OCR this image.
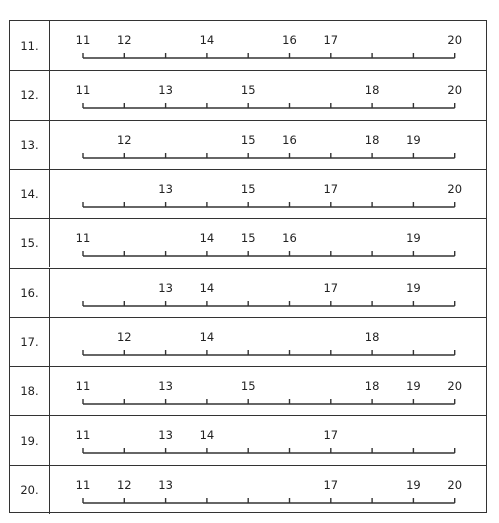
11.	11 12	14	16 17	20
12.	11	13	15	18	20
13.	12	15 16	18 19
14.	13	15	17	20
15.	11	14 15 16	19
16.	13 14	17	19
17.	12	14	18
18.	11	13	15	18 19 20
19.	11	13 14	17
20.	11 12 13	17	19 20
